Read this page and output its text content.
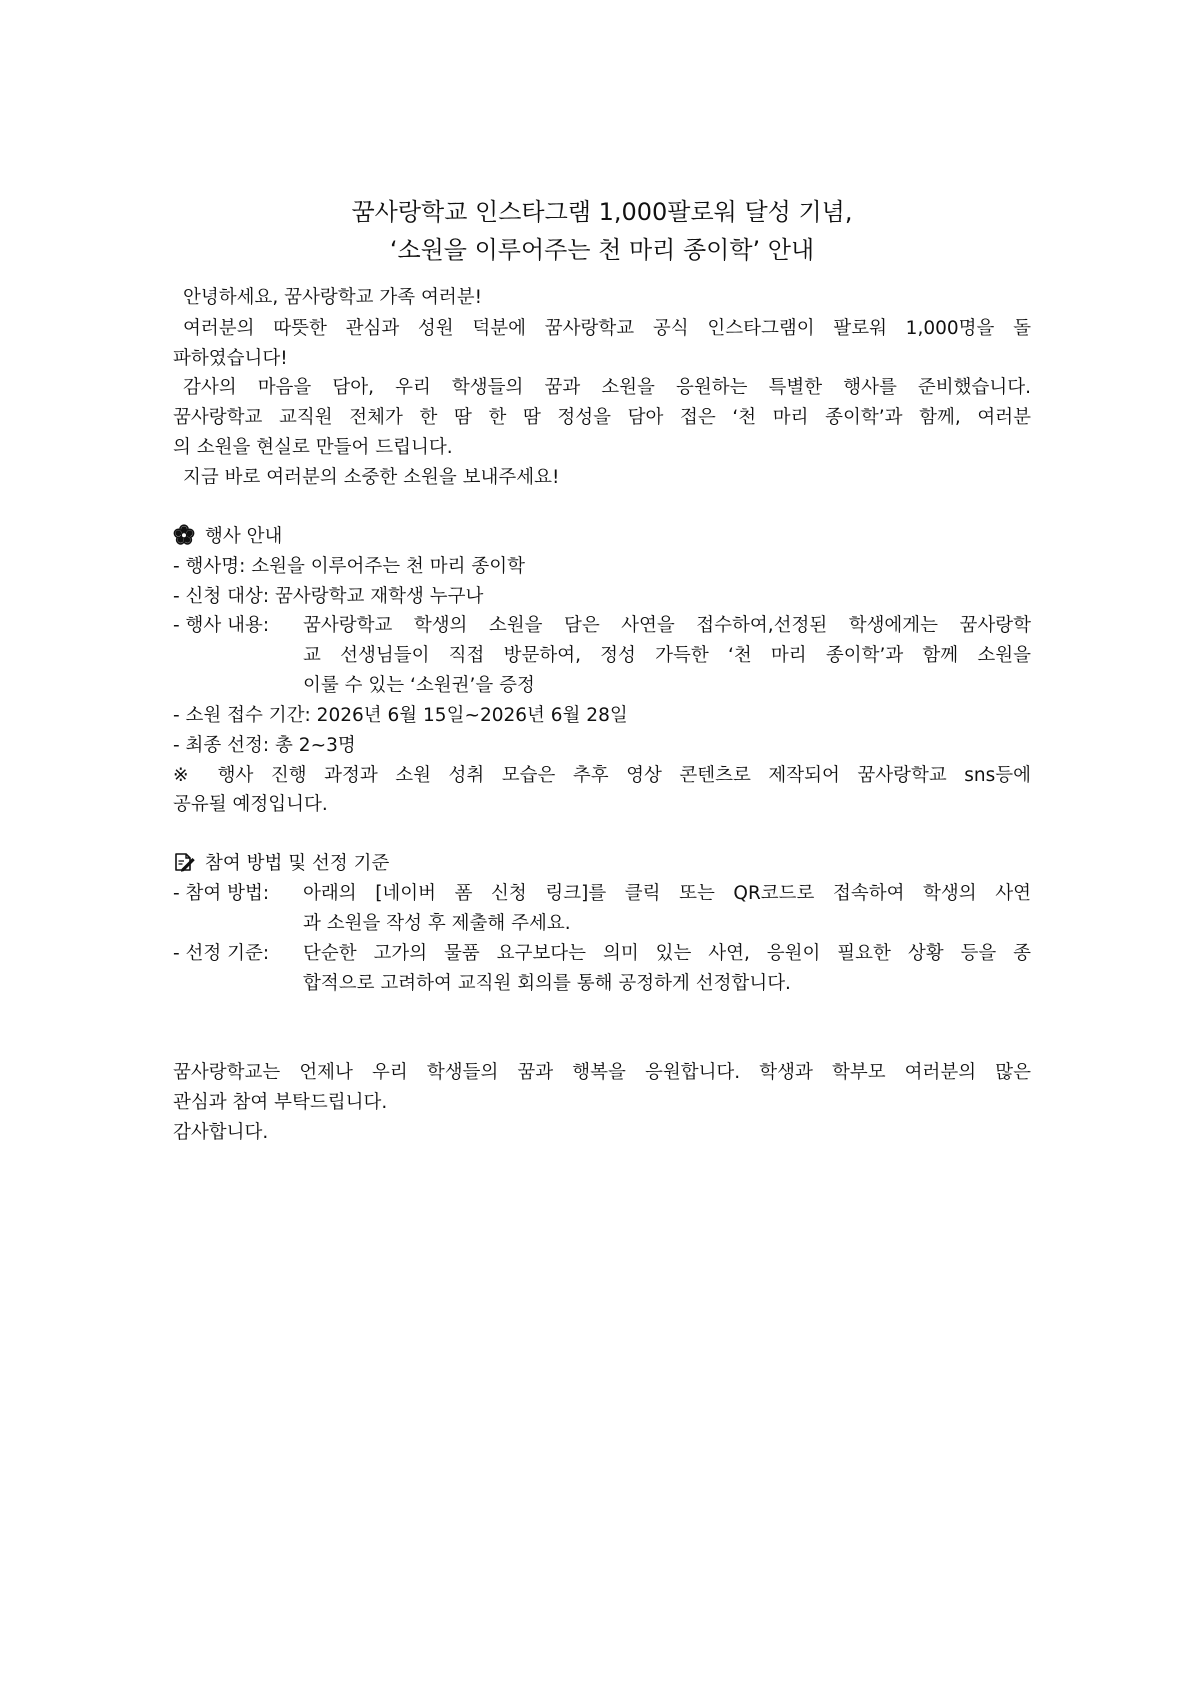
꿈사랑학교 인스타그램 1,000팔로워 달성 기념,
‘소원을 이루어주는 천 마리 종이학’ 안내
안녕하세요, 꿈사랑학교 가족 여러분!
여러분의 따뜻한 관심과 성원 덕분에 꿈사랑학교 공식 인스타그램이 팔로워 1,000명을 돌
파하였습니다!
감사의 마음을 담아, 우리 학생들의 꿈과 소원을 응원하는 특별한 행사를 준비했습니다.
꿈사랑학교 교직원 전체가 한 땀 한 땀 정성을 담아 접은 ‘천 마리 종이학’과 함께, 여러분
의 소원을 현실로 만들어 드립니다.
지금 바로 여러분의 소중한 소원을 보내주세요!
행사 안내
- 행사명: 소원을 이루어주는 천 마리 종이학
- 신청 대상: 꿈사랑학교 재학생 누구나
- 행사 내용: 꿈사랑학교 학생의 소원을 담은 사연을 접수하여,선정된 학생에게는 꿈사랑학
교 선생님들이 직접 방문하여, 정성 가득한 ‘천 마리 종이학’과 함께 소원을
이룰 수 있는 ‘소원권’을 증정
- 소원 접수 기간: 2026년 6월 15일~2026년 6월 28일
- 최종 선정: 총 2~3명
※ 행사 진행 과정과 소원 성취 모습은 추후 영상 콘텐츠로 제작되어 꿈사랑학교 sns등에
공유될 예정입니다.
참여 방법 및 선정 기준
- 참여 방법: 아래의 [네이버 폼 신청 링크]를 클릭 또는 QR코드로 접속하여 학생의 사연
과 소원을 작성 후 제출해 주세요.
- 선정 기준: 단순한 고가의 물품 요구보다는 의미 있는 사연, 응원이 필요한 상황 등을 종
합적으로 고려하여 교직원 회의를 통해 공정하게 선정합니다.
꿈사랑학교는 언제나 우리 학생들의 꿈과 행복을 응원합니다. 학생과 학부모 여러분의 많은
관심과 참여 부탁드립니다.
감사합니다.
